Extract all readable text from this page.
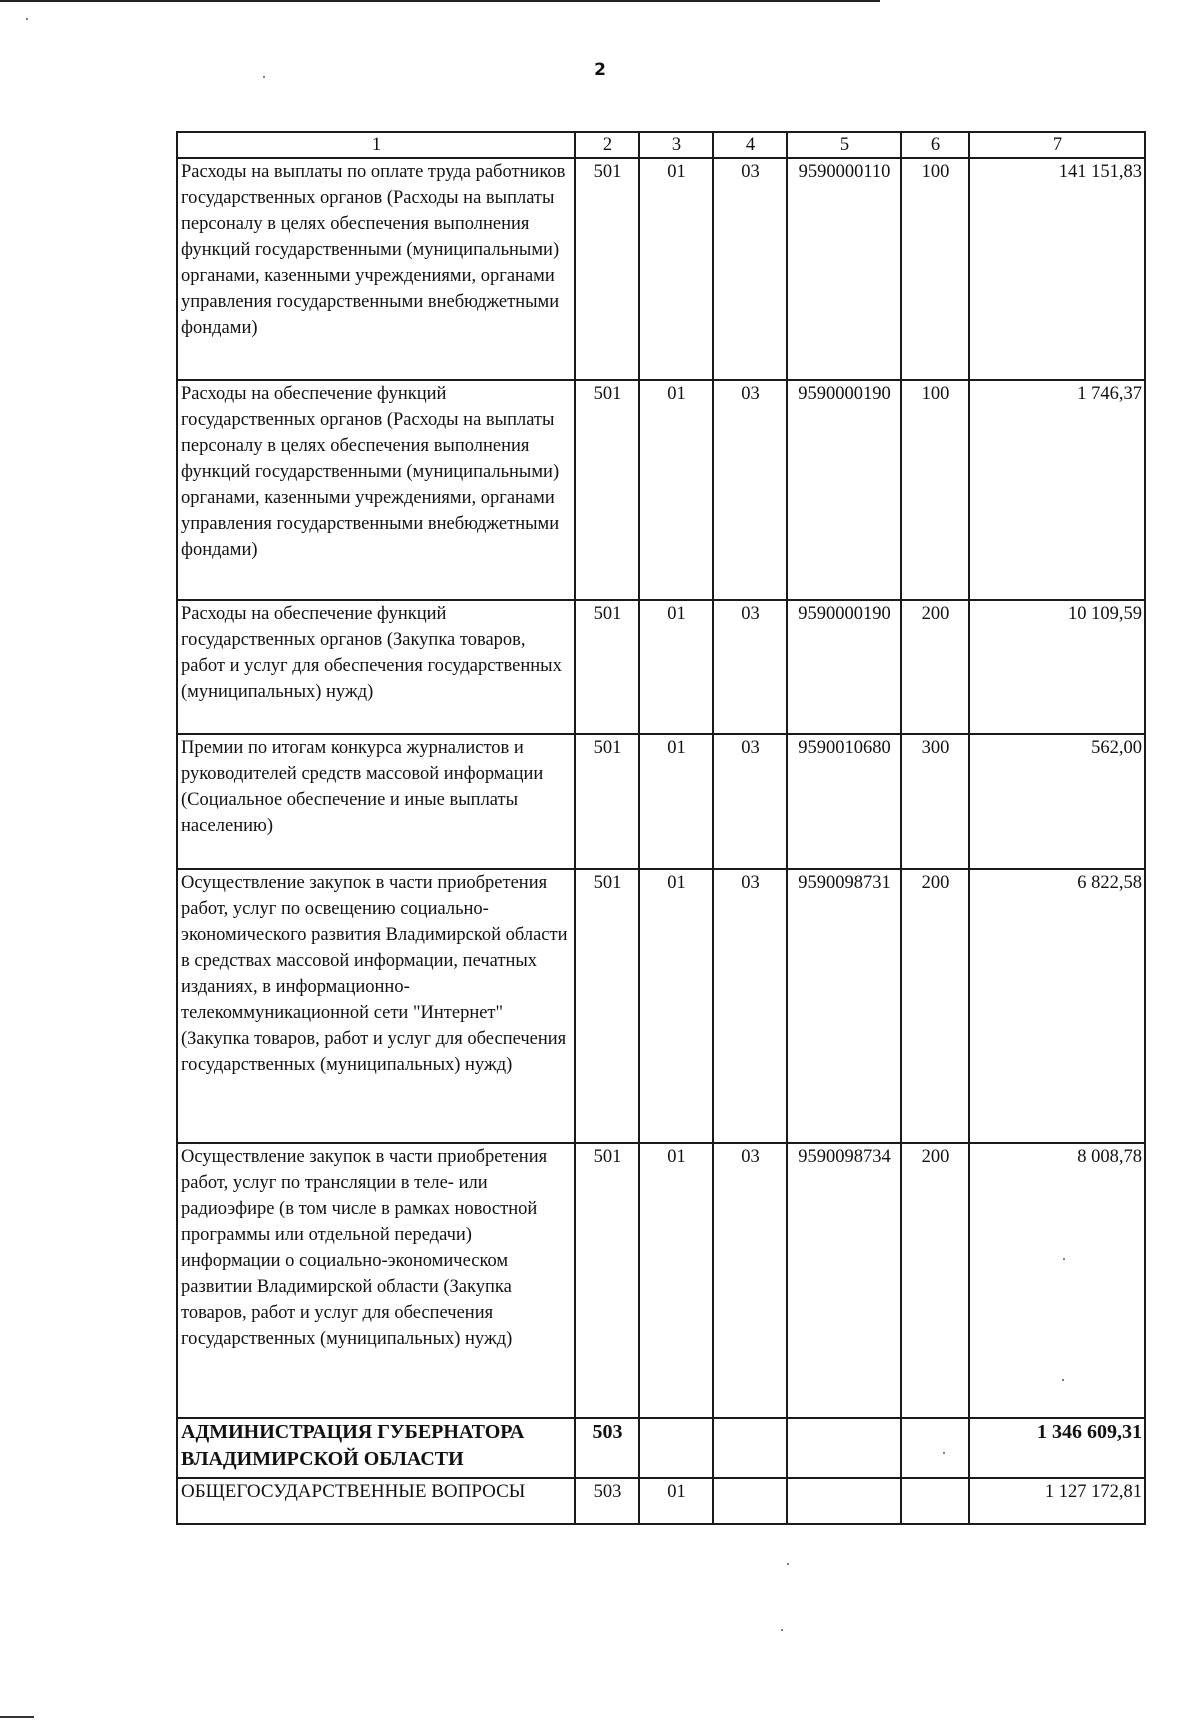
2
1	2	3	4	5	6	7
Расходы на выплаты по оплате труда работников государственных органов (Расходы на выплаты персоналу в целях обеспечения выполнения функций государственными (муниципальными) органами, казенными учреждениями, органами управления государственными внебюджетными фондами)	501	01	03	9590000110	100	141 151,83
Расходы на обеспечение функций государственных органов (Расходы на выплаты персоналу в целях обеспечения выполнения функций государственными (муниципальными) органами, казенными учреждениями, органами управления государственными внебюджетными фондами)	501	01	03	9590000190	100	1 746,37
Расходы на обеспечение функций государственных органов (Закупка товаров, работ и услуг для обеспечения государственных (муниципальных) нужд)	501	01	03	9590000190	200	10 109,59
Премии по итогам конкурса журналистов и руководителей средств массовой информации (Социальное обеспечение и иные выплаты населению)	501	01	03	9590010680	300	562,00
Осуществление закупок в части приобретения работ, услуг по освещению социально-экономического развития Владимирской области в средствах массовой информации, печатных изданиях, в информационно-телекоммуникационной сети "Интернет" (Закупка товаров, работ и услуг для обеспечения государственных (муниципальных) нужд)	501	01	03	9590098731	200	6 822,58
Осуществление закупок в части приобретения работ, услуг по трансляции в теле- или радиоэфире (в том числе в рамках новостной программы или отдельной передачи) информации о социально-экономическом развитии Владимирской области (Закупка товаров, работ и услуг для обеспечения государственных (муниципальных) нужд)	501	01	03	9590098734	200	8 008,78
АДМИНИСТРАЦИЯ ГУБЕРНАТОРА ВЛАДИМИРСКОЙ ОБЛАСТИ	503					1 346 609,31
ОБЩЕГОСУДАРСТВЕННЫЕ ВОПРОСЫ	503	01				1 127 172,81
